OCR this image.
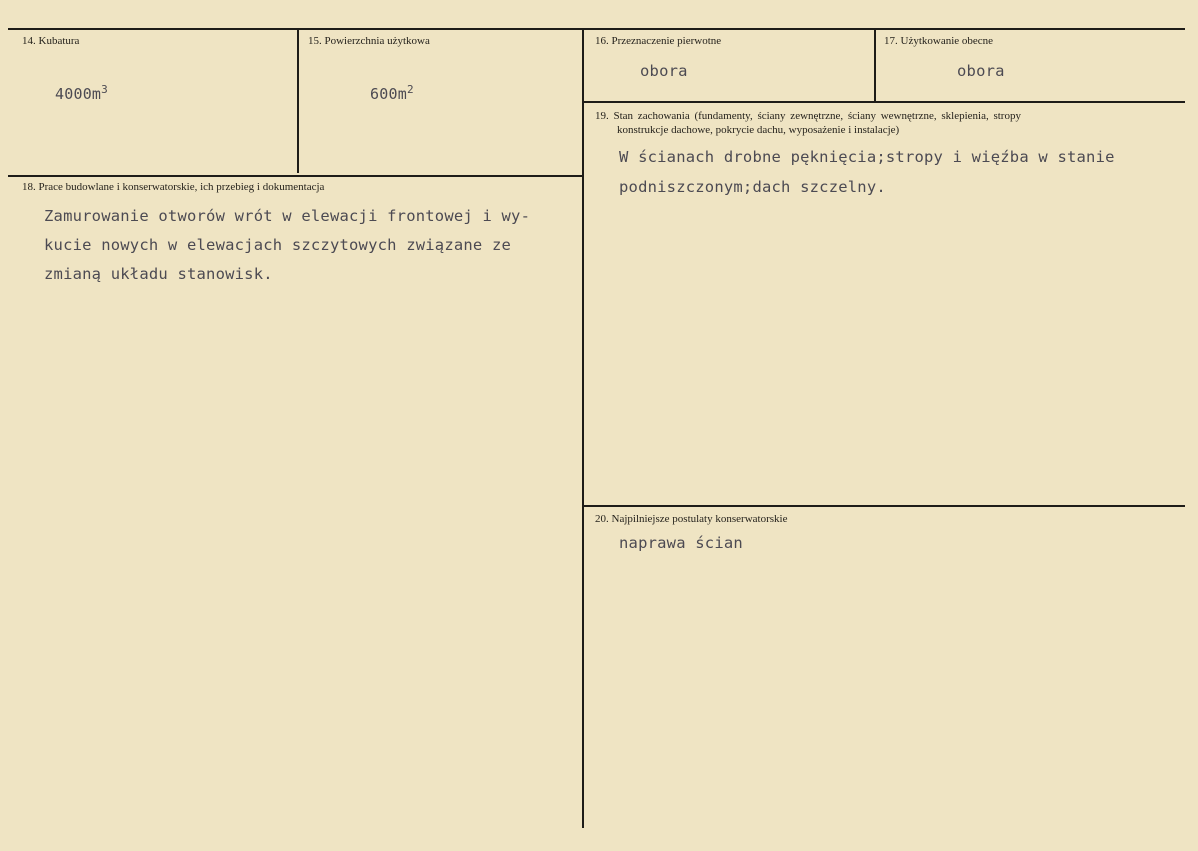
14. Kubatura
$4000m^3$
15. Powierzchnia użytkowa
$600m^2$
16. Przeznaczenie pierwotne
obora
17. Użytkowanie obecne
obora
18. Prace budowlane i konserwatorskie, ich przebieg i dokumentacja
Zamurowanie otworów wrót w elewacji frontowej i wy-
kucie nowych w elewacjach szczytowych związane ze
zmianą układu stanowisk.
19. Stan zachowania (fundamenty, ściany zewnętrzne, ściany wewnętrzne, sklepienia, stropy
konstrukcje dachowe, pokrycie dachu, wyposażenie i instalacje)
W ścianach drobne pęknięcia;stropy i więźba w stanie
podniszczonym;dach szczelny.
20. Najpilniejsze postulaty konserwatorskie
naprawa ścian
